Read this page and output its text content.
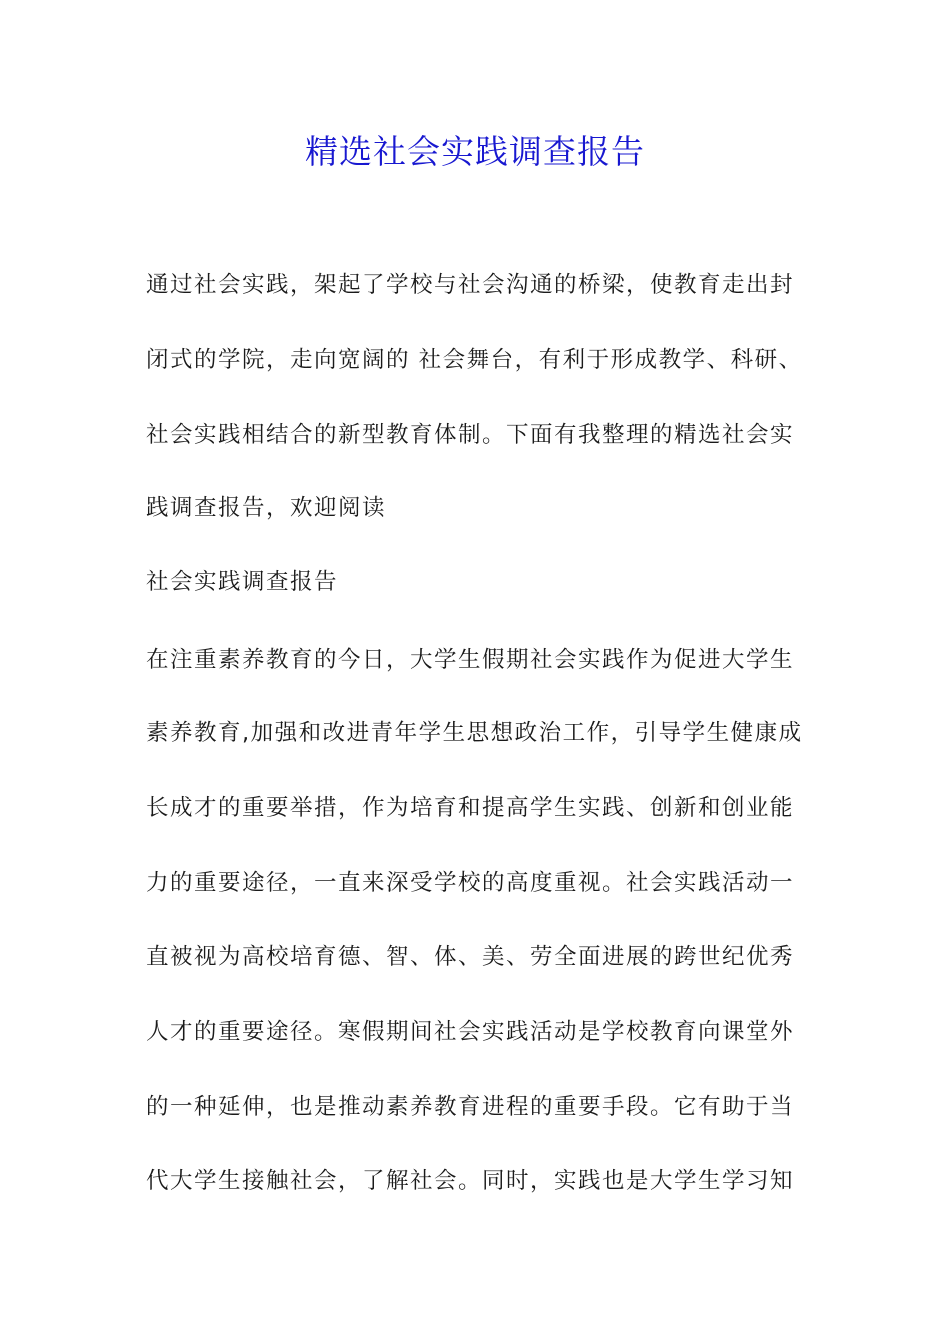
精选社会实践调查报告

通过社会实践，架起了学校与社会沟通的桥梁，使教育走出封

闭式的学院，走向宽阔的 社会舞台，有利于形成教学、科研、

社会实践相结合的新型教育体制。下面有我整理的精选社会实

践调查报告，欢迎阅读

社会实践调查报告

在注重素养教育的今日，大学生假期社会实践作为促进大学生

素养教育,加强和改进青年学生思想政治工作，引导学生健康成

长成才的重要举措，作为培育和提高学生实践、创新和创业能

力的重要途径，一直来深受学校的高度重视。社会实践活动一

直被视为高校培育德、智、体、美、劳全面进展的跨世纪优秀

人才的重要途径。寒假期间社会实践活动是学校教育向课堂外

的一种延伸，也是推动素养教育进程的重要手段。它有助于当

代大学生接触社会，了解社会。同时，实践也是大学生学习知
